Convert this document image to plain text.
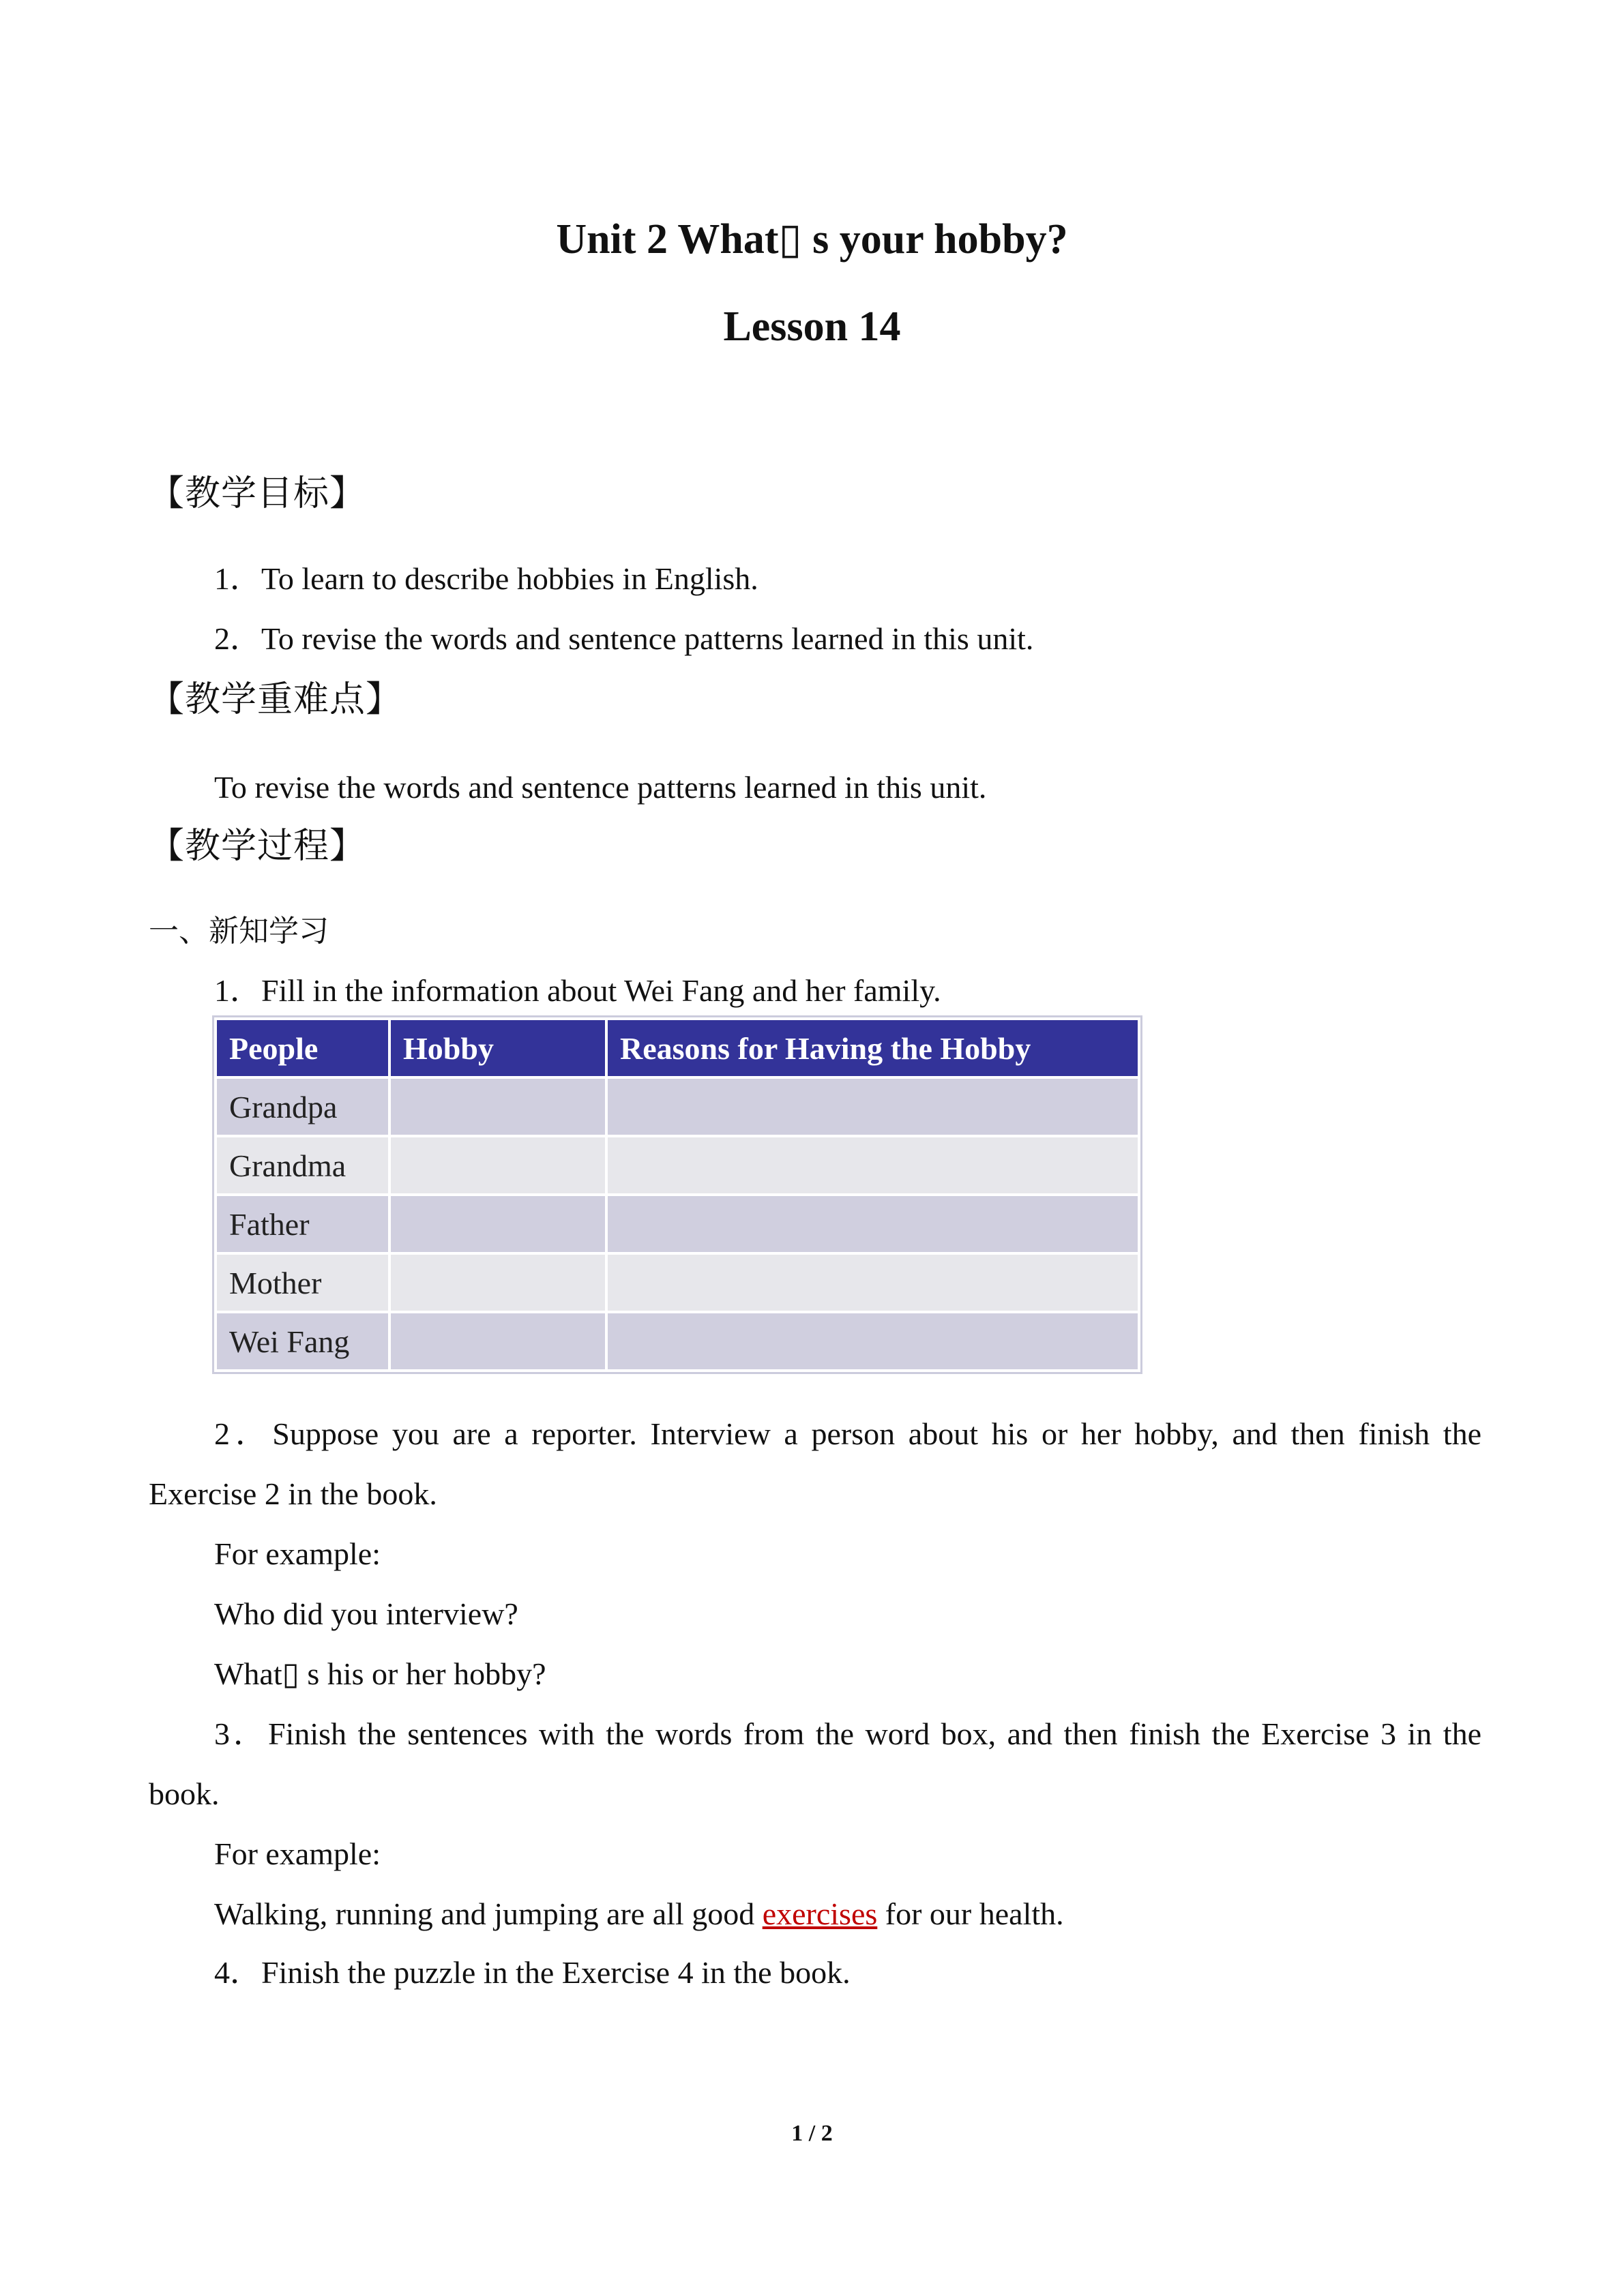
Unit 2 What▯ s your hobby?
Lesson 14
【教学目标】
1．To learn to describe hobbies in English.
2．To revise the words and sentence patterns learned in this unit.
【教学重难点】
To revise the words and sentence patterns learned in this unit.
【教学过程】
一、新知学习
1．Fill in the information about Wei Fang and her family.
People	Hobby	Reasons for Having the Hobby
Grandpa		
Grandma		
Father		
Mother		
Wei Fang		
2．Suppose you are a reporter. Interview a person about his or her hobby, and then finish the
Exercise 2 in the book.
For example:
Who did you interview?
What▯ s his or her hobby?
3．Finish the sentences with the words from the word box, and then finish the Exercise 3 in the
book.
For example:
Walking, running and jumping are all good exercises for our health.
4．Finish the puzzle in the Exercise 4 in the book.
1 / 2
